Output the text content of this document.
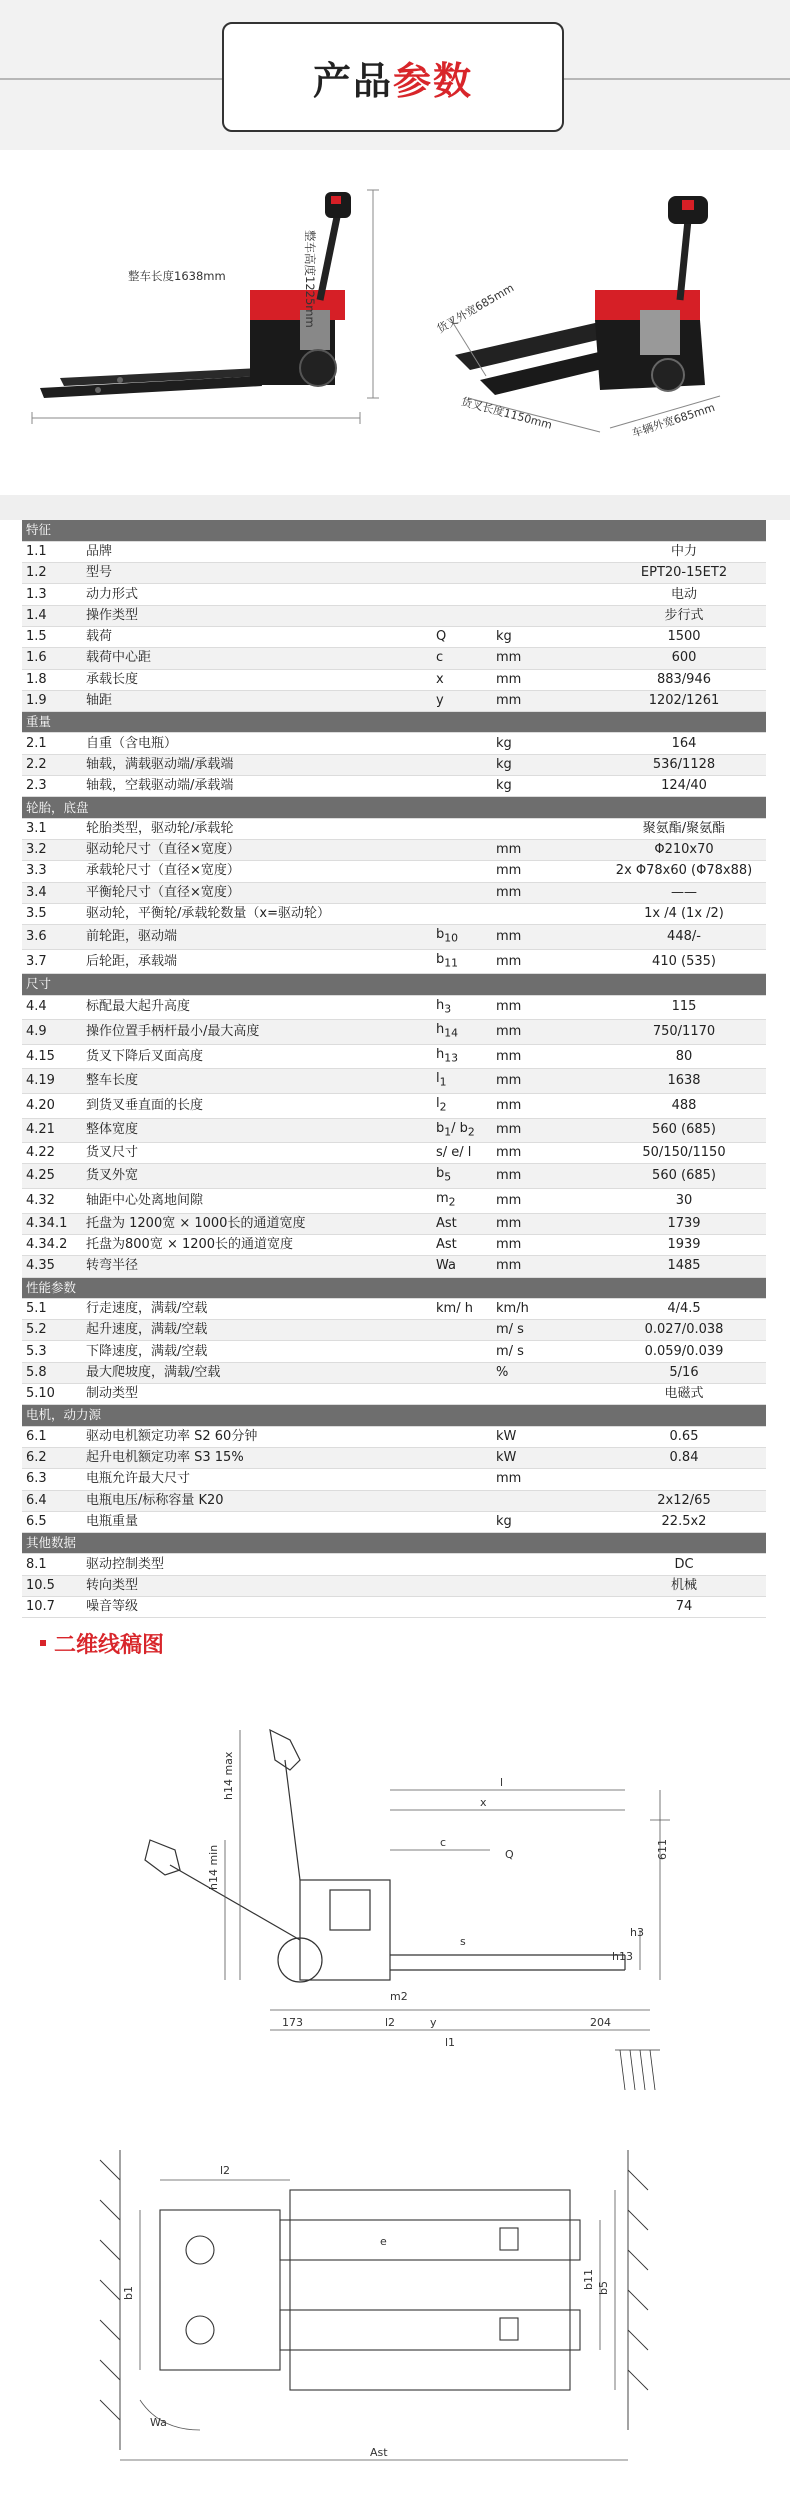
产品 参数
整车长度1638mm	整车高度1225mm	货叉外宽685mm
货叉长度1150mm	车辆外宽685mm
特征				
1.1	品牌			中力
1.2	型号			EPT20-15ET2
1.3	动力形式			电动
1.4	操作类型			步行式
1.5	载荷	Q	kg	1500
1.6	载荷中心距	c	mm	600
1.8	承载长度	x	mm	883/946
1.9	轴距	y	mm	1202/1261
重量				
2.1	自重（含电瓶）		kg	164
2.2	轴载，满载驱动端/承载端		kg	536/1128
2.3	轴载，空载驱动端/承载端		kg	124/40
轮胎，底盘				
3.1	轮胎类型，驱动轮/承载轮			聚氨酯/聚氨酯
3.2	驱动轮尺寸（直径×宽度）		mm	Φ210x70
3.3	承载轮尺寸（直径×宽度）		mm	2x Φ78x60 (Φ78x88)
3.4	平衡轮尺寸（直径×宽度）		mm	——
3.5	驱动轮，平衡轮/承载轮数量（x=驱动轮）			1x /4 (1x /2)
3.6	前轮距，驱动端	$b_{10}$	mm	448/-
3.7	后轮距，承载端	$b_{11}$	mm	410 (535)
尺寸				
4.4	标配最大起升高度	$h_3$	mm	115
4.9	操作位置手柄杆最小/最大高度	$h_{14}$	mm	750/1170
4.15	货叉下降后叉面高度	$h_{13}$	mm	80
4.19	整车长度	$l_1$	mm	1638
4.20	到货叉垂直面的长度	$l_2$	mm	488
4.21	整体宽度	$b_1/$ $b_2$	mm	560 (685)
4.22	货叉尺寸	s/ e/ l	mm	50/150/1150
4.25	货叉外宽	$b_5$	mm	560 (685)
4.32	轴距中心处离地间隙	$m_2$	mm	30
4.34.1	托盘为 1200宽 × 1000长的通道宽度	Ast	mm	1739
4.34.2	托盘为800宽 × 1200长的通道宽度	Ast	mm	1939
4.35	转弯半径	Wa	mm	1485
性能参数				
5.1	行走速度，满载/空载	km/ h	km/h	4/4.5
5.2	起升速度，满载/空载		m/ s	0.027/0.038
5.3	下降速度，满载/空载		m/ s	0.059/0.039
5.8	最大爬坡度，满载/空载		%	5/16
5.10	制动类型			电磁式
电机，动力源				
6.1	驱动电机额定功率 S2 60分钟		kW	0.65
6.2	起升电机额定功率 S3 15%		kW	0.84
6.3	电瓶允许最大尺寸		mm	
6.4	电瓶电压/标称容量 K20			2x12/65
6.5	电瓶重量		kg	22.5x2
其他数据				
8.1	驱动控制类型			DC
10.5	转向类型			机械
10.7	噪音等级			74
二维线稿图
h14 max
h14 min
l
x
c
Q
h3
h13
l2	y
l1
173	204
611
s
m2
l2
e
b1
b11 b5
Wa
Ast
